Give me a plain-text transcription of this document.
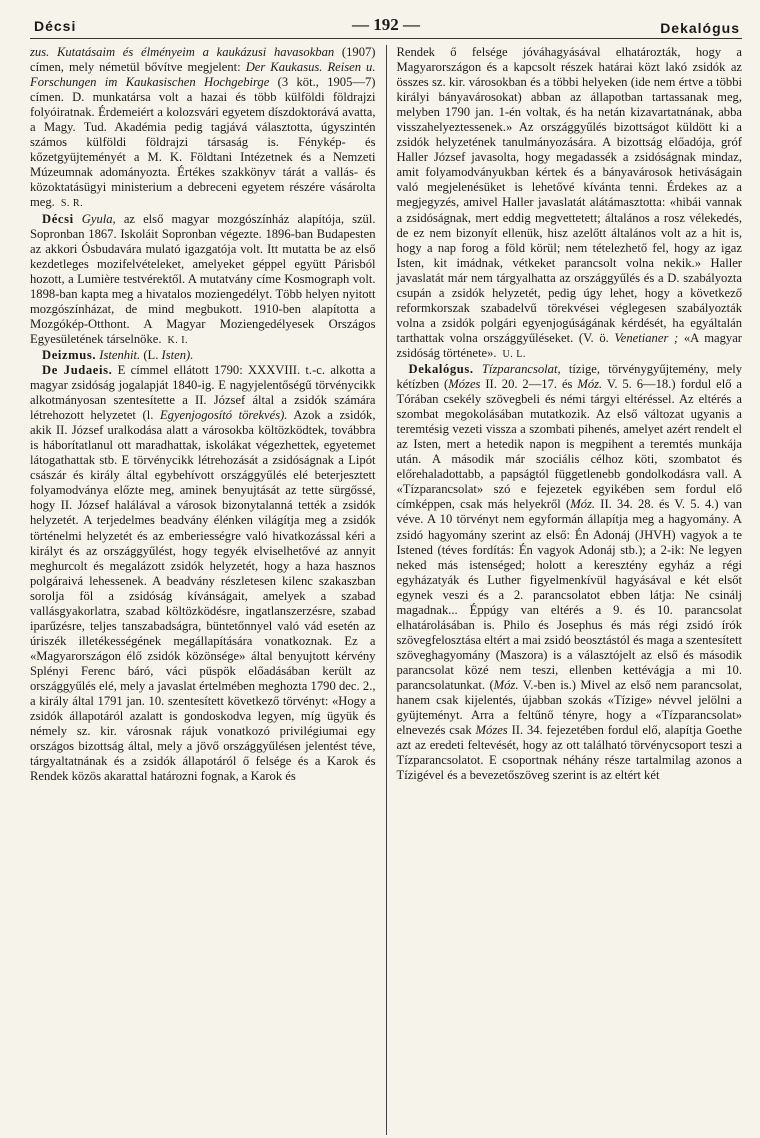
Décsi	— 192 —	Dekalógus

zus. Kutatásaim és élményeim a kaukázusi havasokban (1907) címen, mely németül bővítve megjelent: Der Kaukasus. Reisen u. Forschungen im Kaukasischen Hochgebirge (3 köt., 1905—7) címen. D. munkatársa volt a hazai és több külföldi földrajzi folyóiratnak. Érdemeiért a kolozsvári egyetem díszdoktorává avatta, a Magy. Tud. Akadémia pedig tagjává választotta, úgyszintén számos külföldi földrajzi társaság is. Fénykép- és kőzetgyüjteményét a M. K. Földtani Intézetnek és a Nemzeti Múzeumnak adományozta. Értékes szakkönyv tárát a vallás- és közoktatásügyi ministerium a debreceni egyetem részére vásárolta meg. S. R.

Décsi Gyula, az első magyar mozgószínház alapítója, szül. Sopronban 1867. Iskoláit Sopronban végezte. 1896-ban Budapesten az akkori Ósbudavára mulató igazgatója volt. Itt mutatta be az első kezdetleges mozifelvételeket, amelyeket géppel együtt Párisból hozott, a Lumière testvérektől. A mutatvány címe Kosmograph volt. 1898-ban kapta meg a hivatalos moziengedélyt. Több helyen nyitott mozgószínházat, de mind megbukott. 1910-ben alapította a Mozgókép-Otthont. A Magyar Moziengedélyesek Országos Egyesületének társelnöke. K. I.

Deizmus. Istenhit. (L. Isten).

De Judaeis. E címmel ellátott 1790: XXXVIII. t.-c. alkotta a magyar zsidóság jogalapját 1840-ig. E nagyjelentőségű törvénycikk alkotmányosan szentesítette a II. József által a zsidók számára létrehozott helyzetet (l. Egyenjogosító törekvés). Azok a zsidók, akik II. József uralkodása alatt a városokba költözködtek, továbbra is háborítatlanul ott maradhattak, iskolákat végezhettek, egyetemet látogathattak stb. E törvénycikk létrehozását a zsidóságnak a Lipót császár és király által egybehívott országgyűlés elé beterjesztett folyamodványa előzte meg, aminek benyujtását az tette sürgőssé, hogy II. József halálával a városok bizonytalanná tették a zsidók helyzetét. A terjedelmes beadvány élénken világítja meg a zsidók történelmi helyzetét és az emberiességre való hivatkozással kéri a királyt és az országgyűlést, hogy tegyék elviselhetővé az annyit meghurcolt és megalázott zsidók helyzetét, hogy a haza hasznos polgáraivá lehessenek. A beadvány részletesen kilenc szakaszban sorolja föl a zsidóság kívánságait, amelyek a szabad vallásgyakorlatra, szabad költözködésre, ingatlanszerzésre, szabad iparűzésre, teljes tanszabadságra, büntetőnnyel való vád esetén az úriszék illetékességének megállapítására vonatkoznak. Ez a «Magyarországon élő zsidók közönsége» által benyujtott kérvény Splényi Ferenc báró, váci püspök előadásában került az országgyűlés elé, mely a javaslat értelmében meghozta 1790 dec. 2., a király által 1791 jan. 10. szentesített következő törvényt: «Hogy a zsidók állapotáról azalatt is gondoskodva legyen, míg ügyük és némely sz. kir. városnak rájuk vonatkozó privilégiumai egy országos bizottság által, mely a jövő országgyűlésen jelentést téve, tárgyaltatnának és a zsidók állapotáról ő felsége és a Karok és Rendek közös akarattal határozni fognak, a Karok és

Rendek ő felsége jóváhagyásával elhatározták, hogy a Magyarországon és a kapcsolt részek határai közt lakó zsidók az összes sz. kir. városokban és a többi helyeken (ide nem értve a többi királyi bányavárosokat) abban az állapotban tartassanak meg, melyben 1790 jan. 1-én voltak, és ha netán kizavartatnának, abba visszahelyeztessenek.» Az országgyűlés bizottságot küldött ki a zsidók helyzetének tanulmányozására. A bizottság előadója, gróf Haller József javasolta, hogy megadassék a zsidóságnak mindaz, amit folyamodványukban kértek és a bányavárosok hetiváságain való megjelenésüket is lehetővé kívánta tenni. Érdekes az a megjegyzés, amivel Haller javaslatát alátámasztotta: «hibái vannak a zsidóságnak, mert eddig megvettetett; általános a rosz vélekedés, de ez nem bizonyít ellenük, hisz azelőtt általános volt az a hit is, hogy a nap forog a föld körül; nem tételezhető fel, hogy az igaz Isten, kit imádnak, vétkeket parancsolt volna nekik.» Haller javaslatát már nem tárgyalhatta az országgyűlés és a D. szabályozta csupán a zsidók helyzetét, pedig úgy lehet, hogy a következő reformkorszak szabadelvű törekvései véglegesen szabályozták volna a zsidók polgári egyenjogúságának kérdését, ha egyáltalán tarthattak volna országgyűléseket. (V. ö. Venetianer ; «A magyar zsidóság története». U. L.

Dekalógus. Tízparancsolat, tízige, törvénygyűjtemény, mely kétízben (Mózes II. 20. 2—17. és Móz. V. 5. 6—18.) fordul elő a Tórában csekély szövegbeli és némi tárgyi eltéréssel. Az eltérés a szombat megokolásában mutatkozik. Az első változat ugyanis a teremtésig vezeti vissza a szombati pihenés, amelyet azért rendelt el az Isten, mert a hetedik napon is megpihent a teremtés munkája után. A második már szociális célhoz köti, szombatot és előrehaladottabb, a papságtól függetlenebb gondolkodásra vall. A «Tízparancsolat» szó e fejezetek egyikében sem fordul elő címképpen, csak más helyekről (Móz. II. 34. 28. és V. 5. 4.) van véve. A 10 törvényt nem egyformán állapítja meg a hagyomány. A zsidó hagyomány szerint az első: Én Adonáj (JHVH) vagyok a te Istened (téves fordítás: Én vagyok Adonáj stb.); a 2-ik: Ne legyen neked más istenséged; holott a keresztény egyház a régi egyházatyák és Luther figyelmenkívül hagyásával e két elsőt egynek veszi és a 2. parancsolatot ebben látja: Ne csinálj magadnak... Éppúgy van eltérés a 9. és 10. parancsolat elhatárolásában is. Philo és Josephus és más régi zsidó írók szövegfelosztása eltért a mai zsidó beosztástól és maga a szentesített szöveghagyomány (Maszora) is a választójelt az első és második parancsolat közé nem teszi, ellenben kettévágja a mi 10. parancsolatunkat. (Móz. V.-ben is.) Mivel az első nem parancsolat, hanem csak kijelentés, újabban szokás «Tízige» névvel jelölni a gyüjteményt. Arra a feltűnő tényre, hogy a «Tízparancsolat» elnevezés csak Mózes II. 34. fejezetében fordul elő, alapítja Goethe azt az eredeti feltevését, hogy az ott található törvénycsoport teszi a Tízparancsolatot. E csoportnak néhány része tartalmilag azonos a Tízigével és a bevezetőszöveg szerint is az eltért két
